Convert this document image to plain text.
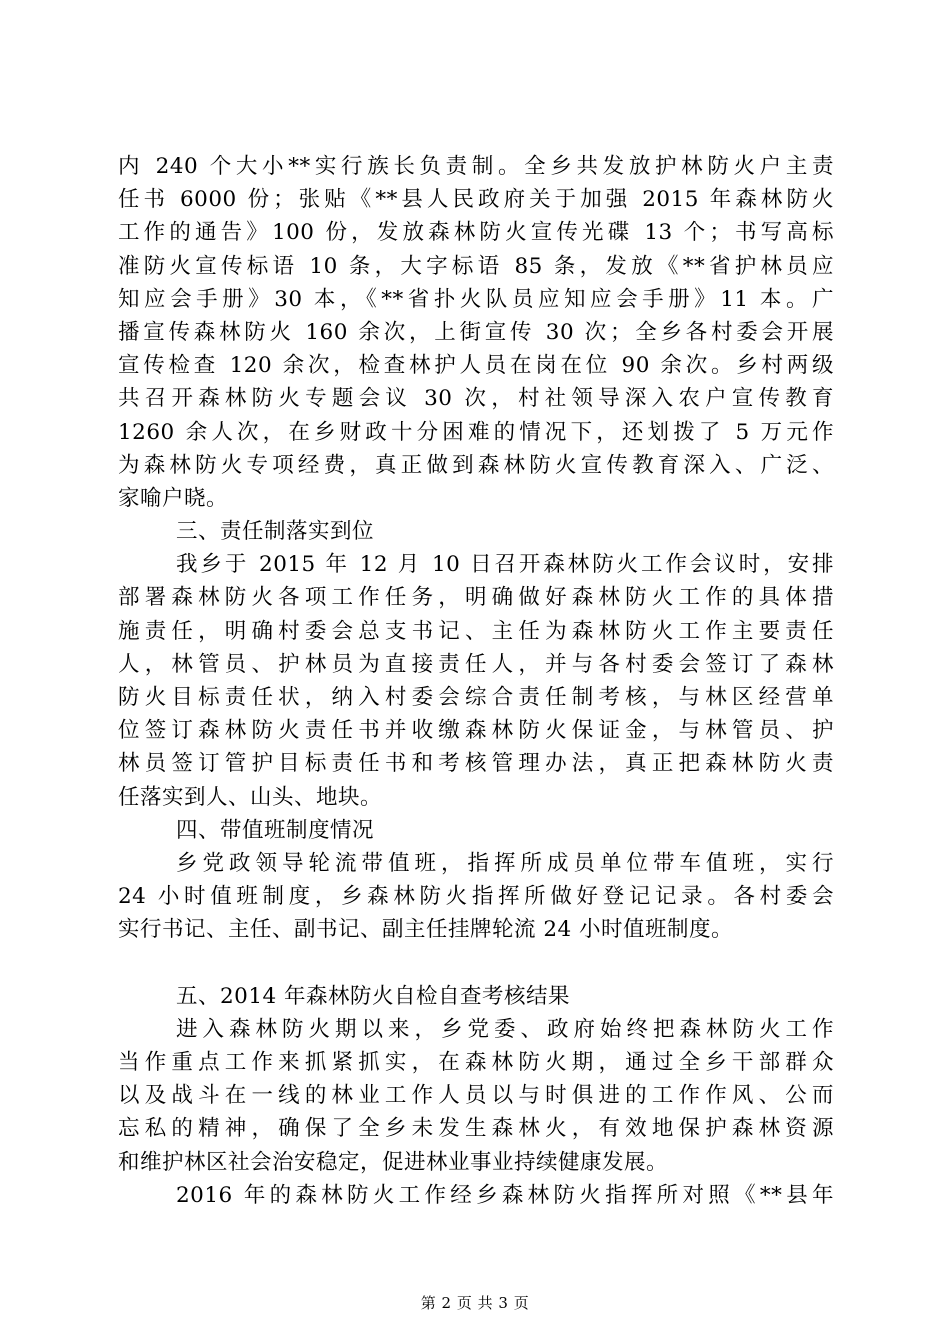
内 240 个大小**实行族长负责制。全乡共发放护林防火户主责
任书 6000 份；张贴《**县人民政府关于加强 2015 年森林防火
工作的通告》100 份，发放森林防火宣传光碟 13 个；书写高标
准防火宣传标语 10 条，大字标语 85 条，发放《**省护林员应
知应会手册》30 本，《**省扑火队员应知应会手册》11 本。广
播宣传森林防火 160 余次，上街宣传 30 次；全乡各村委会开展
宣传检查 120 余次，检查林护人员在岗在位 90 余次。乡村两级
共召开森林防火专题会议 30 次，村社领导深入农户宣传教育
1260 余人次，在乡财政十分困难的情况下，还划拨了 5 万元作
为森林防火专项经费，真正做到森林防火宣传教育深入、广泛、
家喻户晓。
三、责任制落实到位
我乡于 2015 年 12 月 10 日召开森林防火工作会议时，安排
部署森林防火各项工作任务，明确做好森林防火工作的具体措
施责任，明确村委会总支书记、主任为森林防火工作主要责任
人，林管员、护林员为直接责任人，并与各村委会签订了森林
防火目标责任状，纳入村委会综合责任制考核，与林区经营单
位签订森林防火责任书并收缴森林防火保证金，与林管员、护
林员签订管护目标责任书和考核管理办法，真正把森林防火责
任落实到人、山头、地块。
四、带值班制度情况
乡党政领导轮流带值班，指挥所成员单位带车值班，实行
24 小时值班制度，乡森林防火指挥所做好登记记录。各村委会
实行书记、主任、副书记、副主任挂牌轮流 24 小时值班制度。
五、2014 年森林防火自检自查考核结果
进入森林防火期以来，乡党委、政府始终把森林防火工作
当作重点工作来抓紧抓实，在森林防火期，通过全乡干部群众
以及战斗在一线的林业工作人员以与时俱进的工作作风、公而
忘私的精神，确保了全乡未发生森林火，有效地保护森林资源
和维护林区社会治安稳定，促进林业事业持续健康发展。
2016 年的森林防火工作经乡森林防火指挥所对照《**县年
第 2 页 共 3 页
